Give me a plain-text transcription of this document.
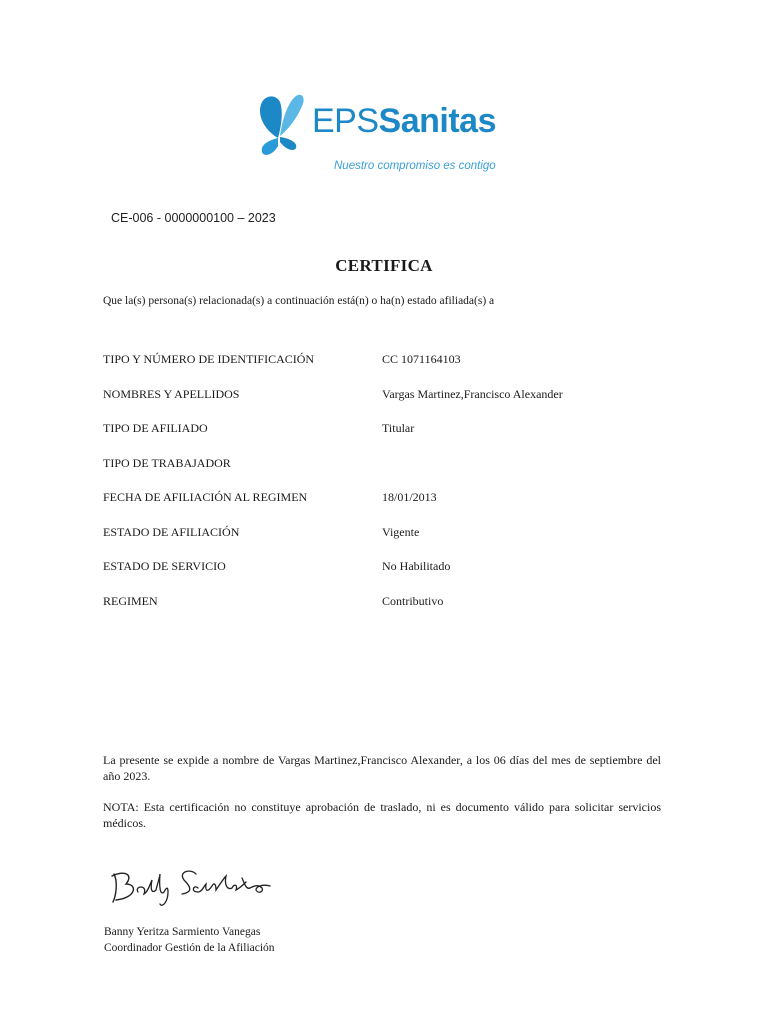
EPSSanitas
Nuestro compromiso es contigo
CE-006 - 0000000100 – 2023
CERTIFICA
Que la(s) persona(s) relacionada(s) a continuación está(n) o ha(n) estado afiliada(s) a
TIPO Y NÚMERO DE IDENTIFICACIÓN	CC 1071164103
NOMBRES Y APELLIDOS	Vargas Martinez,Francisco Alexander
TIPO DE AFILIADO	Titular
TIPO DE TRABAJADOR
FECHA DE AFILIACIÓN AL REGIMEN	18/01/2013
ESTADO DE AFILIACIÓN	Vigente
ESTADO DE SERVICIO	No Habilitado
REGIMEN	Contributivo
La presente se expide a nombre de Vargas Martinez,Francisco Alexander, a los 06 días del mes de septiembre del año 2023.
NOTA: Esta certificación no constituye aprobación de traslado, ni es documento válido para solicitar servicios médicos.
Banny Yeritza Sarmiento Vanegas
Coordinador Gestión de la Afiliación
